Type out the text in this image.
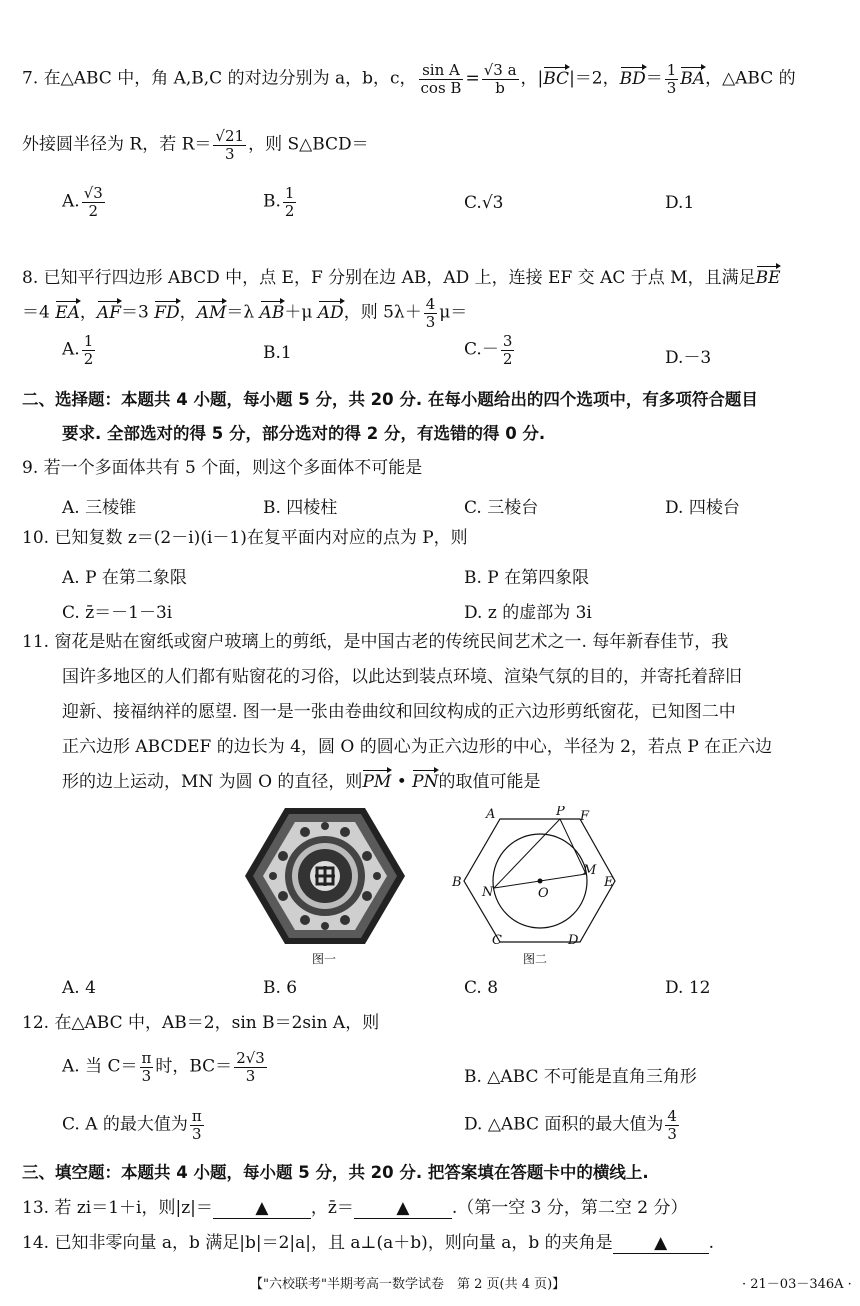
7. 在△ABC 中，角 A,B,C 的对边分别为 a，b，c， $\frac{\text{sin A}}{\text{cos B}} = \frac{√3 a}{b}$ ，|BC|＝2，$BD= \frac{1}{3}$ BA，△ABC 的
外接圆半径为 R，若 $R= \frac{√21}{3}$ ，则 S△BCD＝
A. $\frac{√3}{2}$	B. $\frac{1}{2}$	C.√3	D.1
8. 已知平行四边形 ABCD 中，点 E，F 分别在边 AB，AD 上，连接 EF 交 AC 于点 M，且满足BE
＝4 EA，AF＝3 FD，AM＝λ AB＋μ AD，则 $5\lambda+ \frac{4}{3} \mu=$
A. $\frac{1}{2}$	B.1	$C.- \frac{3}{2}$	D.－3
二、选择题：本题共 4 小题，每小题 5 分，共 20 分. 在每小题给出的四个选项中，有多项符合题目
要求. 全部选对的得 5 分，部分选对的得 2 分，有选错的得 0 分.
9. 若一个多面体共有 5 个面，则这个多面体不可能是
A. 三棱锥	B. 四棱柱	C. 三棱台	D. 四棱台
10. 已知复数 z＝(2－i)(i－1)在复平面内对应的点为 P，则
A. P 在第二象限	B. P 在第四象限
C. z̄＝－1－3i	D. z 的虚部为 3i
11. 窗花是贴在窗纸或窗户玻璃上的剪纸，是中国古老的传统民间艺术之一. 每年新春佳节，我
国许多地区的人们都有贴窗花的习俗，以此达到装点环境、渲染气氛的目的，并寄托着辞旧
迎新、接福纳祥的愿望. 图一是一张由卷曲纹和回纹构成的正六边形剪纸窗花，已知图二中
正六边形 ABCDEF 的边长为 4，圆 O 的圆心为正六边形的中心，半径为 2，若点 P 在正六边
形的边上运动，MN 为圆 O 的直径，则PM • PN的取值可能是
图一
A	P F
B
N	O
M
E
C	D
图二
A. 4	B. 6	C. 8	D. 12
12. 在△ABC 中，AB＝2，sin B＝2sin A，则
A. 当 $C= \frac{\pi}{3}$ 时，$BC= \frac{2√3}{3}$	B. △ABC 不可能是直角三角形
C. A 的最大值为 $\frac{\pi}{3}$	D. △ABC 面积的最大值为 $\frac{4}{3}$
三、填空题：本题共 4 小题，每小题 5 分，共 20 分. 把答案填在答题卡中的横线上.
13. 若 zi＝1＋i，则|z|＝ ▲ ，z̄＝ ▲ .（第一空 3 分，第二空 2 分）
14. 已知非零向量 a，b 满足|b|＝2|a|，且 a⊥(a＋b)，则向量 a，b 的夹角是 ▲ .
【"六校联考"半期考高一数学试卷　第 2 页(共 4 页)】	· 21－03－346A ·
